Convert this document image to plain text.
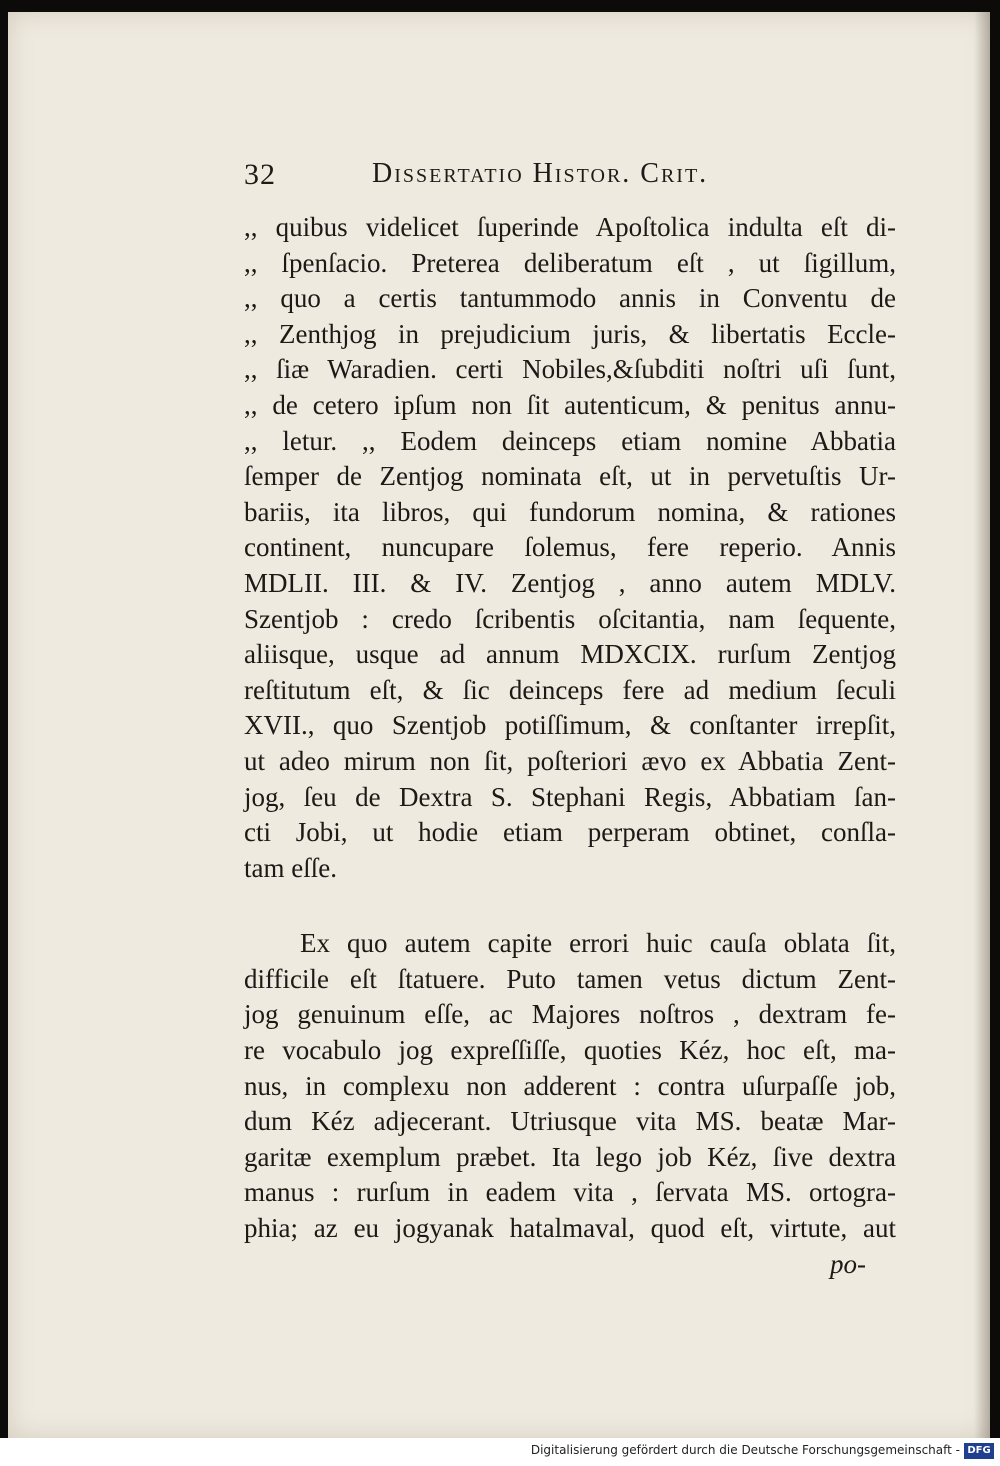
32	Dissertatio Histor. Crit.
,, quibus videlicet ſuperinde Apoſtolica indulta eſt di-
,, ſpenſacio. Preterea deliberatum eſt , ut ſigillum,
,, quo a certis tantummodo annis in Conventu de
,, Zenthjog in prejudicium juris, & libertatis Eccle-
,, ſiæ Waradien. certi Nobiles,&ſubditi noſtri uſi ſunt,
,, de cetero ipſum non ſit autenticum, & penitus annu-
,, letur. ,, Eodem deinceps etiam nomine Abbatia
ſemper de Zentjog nominata eſt, ut in pervetuſtis Ur-
bariis, ita libros, qui fundorum nomina, & rationes
continent, nuncupare ſolemus, fere reperio. Annis
MDLII. III. & IV. Zentjog , anno autem MDLV.
Szentjob : credo ſcribentis oſcitantia, nam ſequente,
aliisque, usque ad annum MDXCIX. rurſum Zentjog
reſtitutum eſt, & ſic deinceps fere ad medium ſeculi
XVII., quo Szentjob potiſſimum, & conſtanter irrepſit,
ut adeo mirum non ſit, poſteriori ævo ex Abbatia Zent-
jog, ſeu de Dextra S. Stephani Regis, Abbatiam ſan-
cti Jobi, ut hodie etiam perperam obtinet, conſla-
tam eſſe.
Ex quo autem capite errori huic cauſa oblata ſit,
difficile eſt ſtatuere. Puto tamen vetus dictum Zent-
jog genuinum eſſe, ac Majores noſtros , dextram fe-
re vocabulo jog expreſſiſſe, quoties Kéz, hoc eſt, ma-
nus, in complexu non adderent : contra uſurpaſſe job,
dum Kéz adjecerant. Utriusque vita MS. beatæ Mar-
garitæ exemplum præbet. Ita lego job Kéz, ſive dextra
manus : rurſum in eadem vita , ſervata MS. ortogra-
phia; az eu jogyanak hatalmaval, quod eſt, virtute, aut
po-
Digitalisierung gefördert durch die Deutsche Forschungsgemeinschaft - DFG
